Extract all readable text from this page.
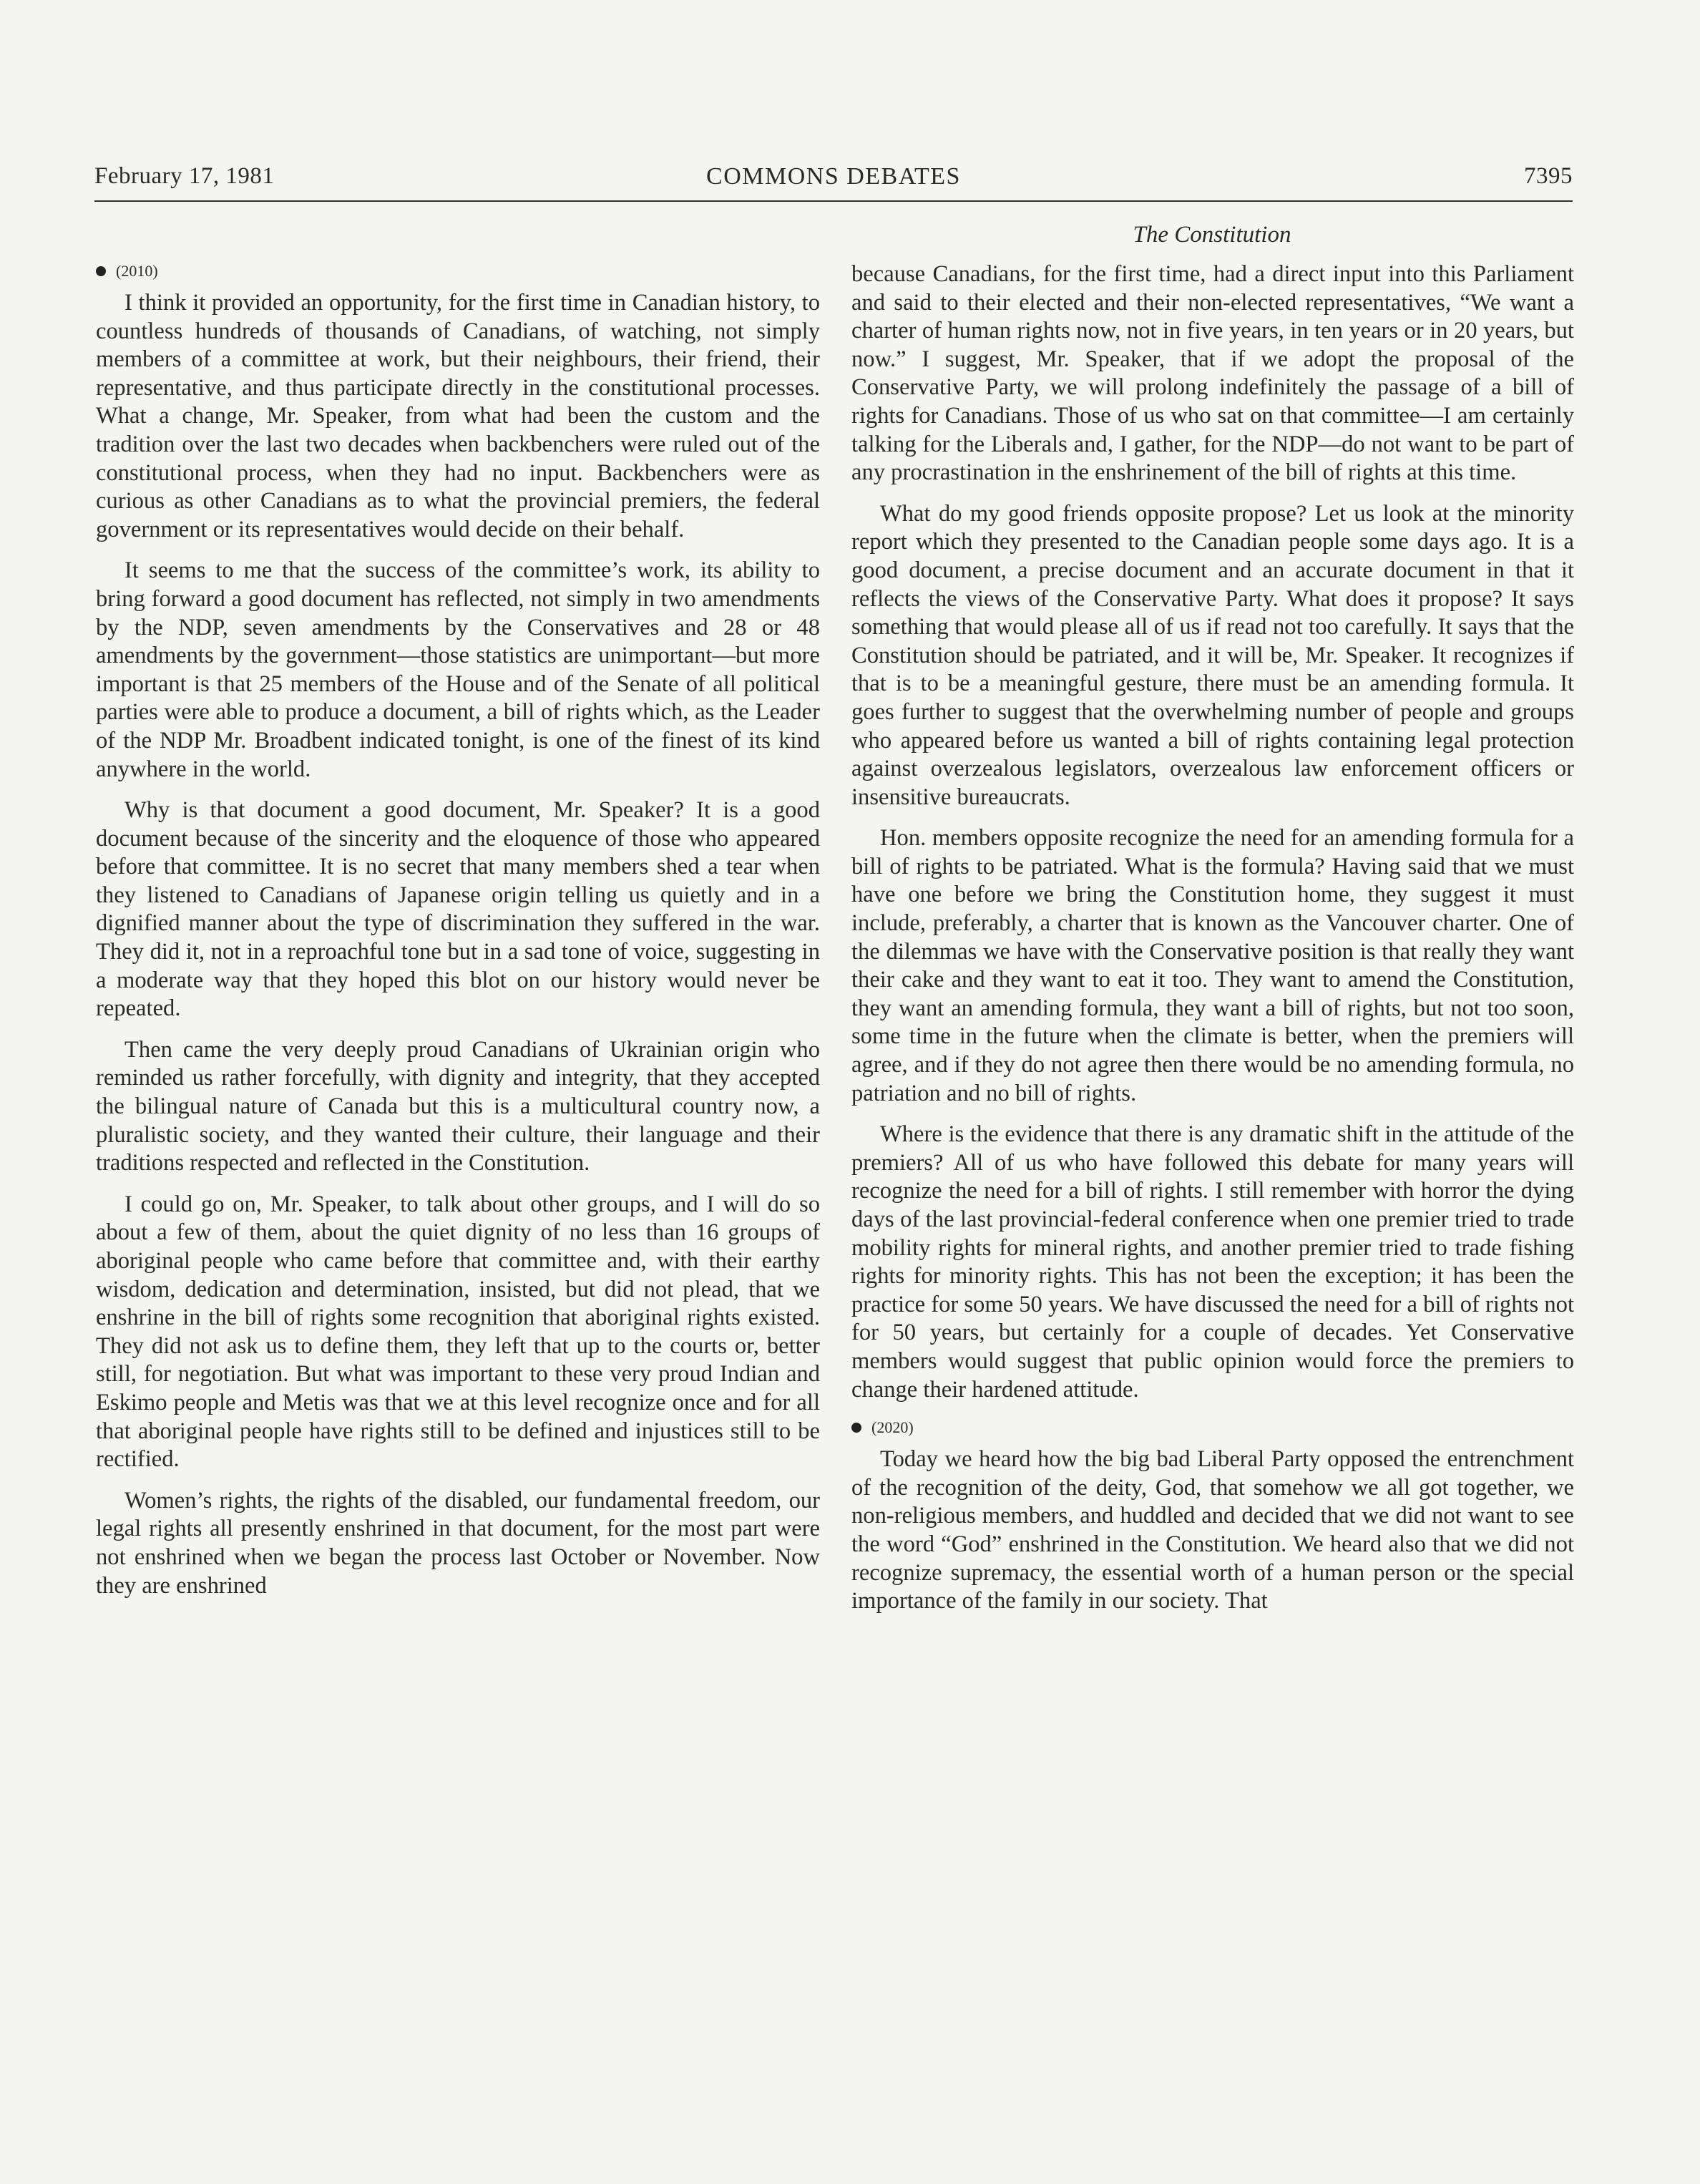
February 17, 1981	COMMONS DEBATES	7395
The Constitution
(2010)

I think it provided an opportunity, for the first time in Canadian history, to countless hundreds of thousands of Canadians, of watching, not simply members of a committee at work, but their neighbours, their friend, their representative, and thus participate directly in the constitutional processes. What a change, Mr. Speaker, from what had been the custom and the tradition over the last two decades when backbenchers were ruled out of the constitutional process, when they had no input. Backbenchers were as curious as other Canadians as to what the provincial premiers, the federal government or its representatives would decide on their behalf.

It seems to me that the success of the committee’s work, its ability to bring forward a good document has reflected, not simply in two amendments by the NDP, seven amendments by the Conservatives and 28 or 48 amendments by the government—those statistics are unimportant—but more important is that 25 members of the House and of the Senate of all political parties were able to produce a document, a bill of rights which, as the Leader of the NDP Mr. Broadbent indicated tonight, is one of the finest of its kind anywhere in the world.

Why is that document a good document, Mr. Speaker? It is a good document because of the sincerity and the eloquence of those who appeared before that committee. It is no secret that many members shed a tear when they listened to Canadians of Japanese origin telling us quietly and in a dignified manner about the type of discrimination they suffered in the war. They did it, not in a reproachful tone but in a sad tone of voice, suggesting in a moderate way that they hoped this blot on our history would never be repeated.

Then came the very deeply proud Canadians of Ukrainian origin who reminded us rather forcefully, with dignity and integrity, that they accepted the bilingual nature of Canada but this is a multicultural country now, a pluralistic society, and they wanted their culture, their language and their traditions respected and reflected in the Constitution.

I could go on, Mr. Speaker, to talk about other groups, and I will do so about a few of them, about the quiet dignity of no less than 16 groups of aboriginal people who came before that committee and, with their earthy wisdom, dedication and determination, insisted, but did not plead, that we enshrine in the bill of rights some recognition that aboriginal rights existed. They did not ask us to define them, they left that up to the courts or, better still, for negotiation. But what was important to these very proud Indian and Eskimo people and Metis was that we at this level recognize once and for all that aboriginal people have rights still to be defined and injustices still to be rectified.

Women’s rights, the rights of the disabled, our fundamental freedom, our legal rights all presently enshrined in that document, for the most part were not enshrined when we began the process last October or November. Now they are enshrined

because Canadians, for the first time, had a direct input into this Parliament and said to their elected and their non-elected representatives, “We want a charter of human rights now, not in five years, in ten years or in 20 years, but now.” I suggest, Mr. Speaker, that if we adopt the proposal of the Conservative Party, we will prolong indefinitely the passage of a bill of rights for Canadians. Those of us who sat on that committee—I am certainly talking for the Liberals and, I gather, for the NDP—do not want to be part of any procrastination in the enshrinement of the bill of rights at this time.

What do my good friends opposite propose? Let us look at the minority report which they presented to the Canadian people some days ago. It is a good document, a precise document and an accurate document in that it reflects the views of the Conservative Party. What does it propose? It says something that would please all of us if read not too carefully. It says that the Constitution should be patriated, and it will be, Mr. Speaker. It recognizes if that is to be a meaningful gesture, there must be an amending formula. It goes further to suggest that the overwhelming number of people and groups who appeared before us wanted a bill of rights containing legal protection against overzealous legislators, overzealous law enforcement officers or insensitive bureaucrats.

Hon. members opposite recognize the need for an amending formula for a bill of rights to be patriated. What is the formula? Having said that we must have one before we bring the Constitution home, they suggest it must include, preferably, a charter that is known as the Vancouver charter. One of the dilemmas we have with the Conservative position is that really they want their cake and they want to eat it too. They want to amend the Constitution, they want an amending formula, they want a bill of rights, but not too soon, some time in the future when the climate is better, when the premiers will agree, and if they do not agree then there would be no amending formula, no patriation and no bill of rights.

Where is the evidence that there is any dramatic shift in the attitude of the premiers? All of us who have followed this debate for many years will recognize the need for a bill of rights. I still remember with horror the dying days of the last provincial-federal conference when one premier tried to trade mobility rights for mineral rights, and another premier tried to trade fishing rights for minority rights. This has not been the exception; it has been the practice for some 50 years. We have discussed the need for a bill of rights not for 50 years, but certainly for a couple of decades. Yet Conservative members would suggest that public opinion would force the premiers to change their hardened attitude.

(2020)

Today we heard how the big bad Liberal Party opposed the entrenchment of the recognition of the deity, God, that somehow we all got together, we non-religious members, and huddled and decided that we did not want to see the word “God” enshrined in the Constitution. We heard also that we did not recognize supremacy, the essential worth of a human person or the special importance of the family in our society. That
